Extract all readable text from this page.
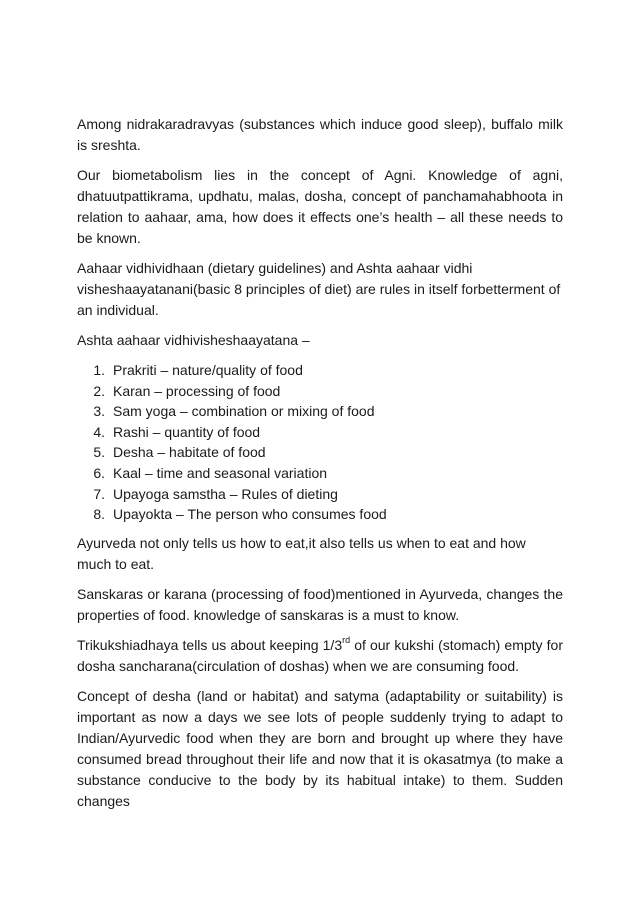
Among nidrakaradravyas (substances which induce good sleep), buffalo milk is sreshta.

Our biometabolism lies in the concept of Agni. Knowledge of agni, dhatuutpattikrama, updhatu, malas, dosha, concept of panchamahabhoota in relation to aahaar, ama, how does it effects one’s health – all these needs to be known.

Aahaar vidhividhaan (dietary guidelines) and Ashta aahaar vidhi visheshaayatanani(basic 8 principles of diet) are rules in itself forbetterment of an individual.

Ashta aahaar vidhivisheshaayatana –

1. Prakriti – nature/quality of food
2. Karan – processing of food
3. Sam yoga – combination or mixing of food
4. Rashi – quantity of food
5. Desha – habitate of food
6. Kaal – time and seasonal variation
7. Upayoga samstha – Rules of dieting
8. Upayokta – The person who consumes food

Ayurveda not only tells us how to eat,it also tells us when to eat and how much to eat.

Sanskaras or karana (processing of food)mentioned in Ayurveda, changes the properties of food. knowledge of sanskaras is a must to know.

Trikukshiadhaya tells us about keeping 1/3rd of our kukshi (stomach) empty for dosha sancharana(circulation of doshas) when we are consuming food.

Concept of desha (land or habitat) and satyma (adaptability or suitability) is important as now a days we see lots of people suddenly trying to adapt to Indian/Ayurvedic food when they are born and brought up where they have consumed bread throughout their life and now that it is okasatmya (to make a substance conducive to the body by its habitual intake) to them. Sudden changes
